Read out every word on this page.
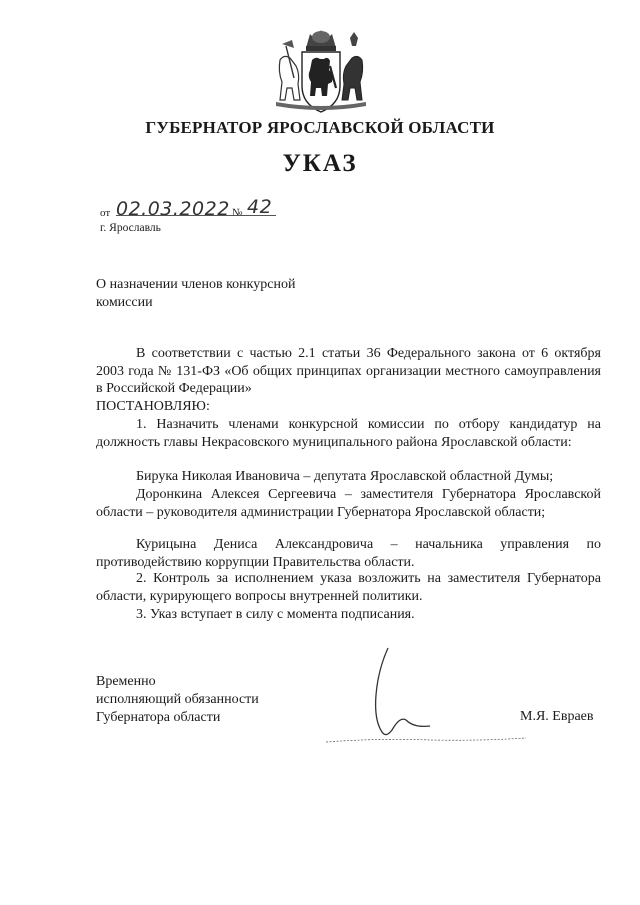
ГУБЕРНАТОР ЯРОСЛАВСКОЙ ОБЛАСТИ
УКАЗ
от 02.03.2022 № 42
г. Ярославль
О назначении членов конкурсной
комиссии
В соответствии с частью 2.1 статьи 36 Федерального закона от 6 октября 2003 года № 131-ФЗ «Об общих принципах организации местного самоуправления в Российской Федерации»
ПОСТАНОВЛЯЮ:
1. Назначить членами конкурсной комиссии по отбору кандидатур на должность главы Некрасовского муниципального района Ярославской области:
Бирука Николая Ивановича – депутата Ярославской областной Думы;
Доронкина Алексея Сергеевича – заместителя Губернатора Ярославской области – руководителя администрации Губернатора Ярославской области;
Курицына Дениса Александровича – начальника управления по противодействию коррупции Правительства области.
2. Контроль за исполнением указа возложить на заместителя Губернатора области, курирующего вопросы внутренней политики.
3. Указ вступает в силу с момента подписания.
Временно
исполняющий обязанности
Губернатора области	М.Я. Евраев
